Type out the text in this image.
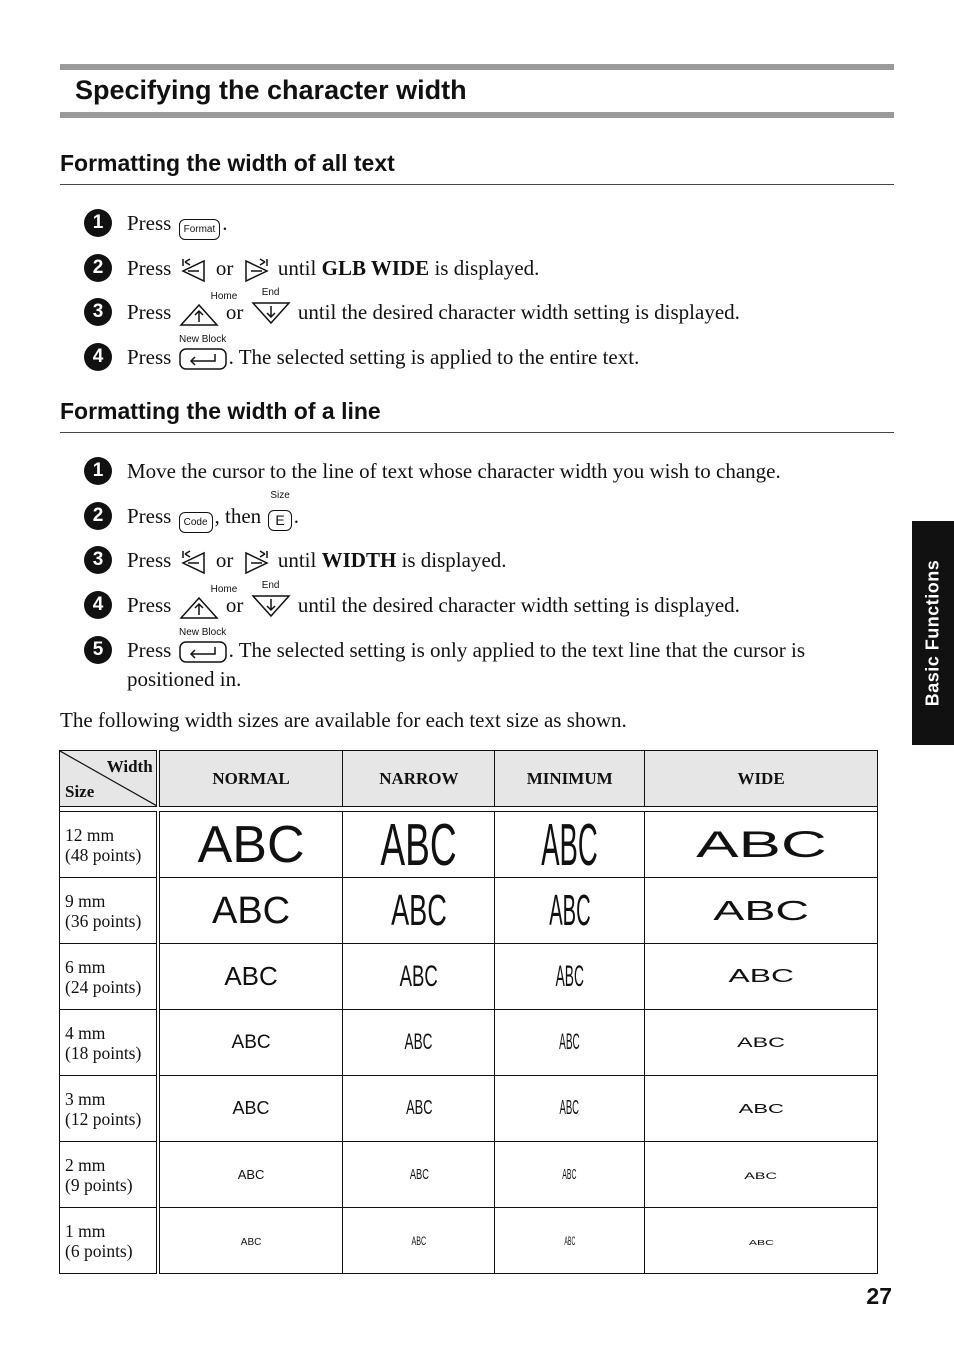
Specifying the character width
Formatting the width of all text
1	Press Format .
2	Press or until GLB WIDE is displayed.
3	Press
Home
or
End
until the desired character width setting is displayed.
4	Press
New Block
. The selected setting is applied to the entire text.
Formatting the width of a line
1	Move the cursor to the line of text whose character width you wish to change.
2	Press Code , then E
Size
.
3	Press or until WIDTH is displayed.
4	Press
Home
or
End
until the desired character width setting is displayed.
5	Press
New Block
. The selected setting is only applied to the text line that the cursor is positioned in.
The following width sizes are available for each text size as shown.
Width
Size	NORMAL	NARROW	MINIMUM	WIDE

12 mm
(48 points)	ABC	ABC	ABC	ABC

9 mm
(36 points)	ABC	ABC	ABC	ABC

6 mm
(24 points)	ABC	ABC	ABC	ABC

4 mm
(18 points)	ABC	ABC	ABC	ABC

3 mm
(12 points)	ABC	ABC	ABC	ABC

2 mm
(9 points)	ABC	ABC	ABC	ABC

1 mm
(6 points)	ABC	ABC	ABC	ABC
Basic Functions
27
